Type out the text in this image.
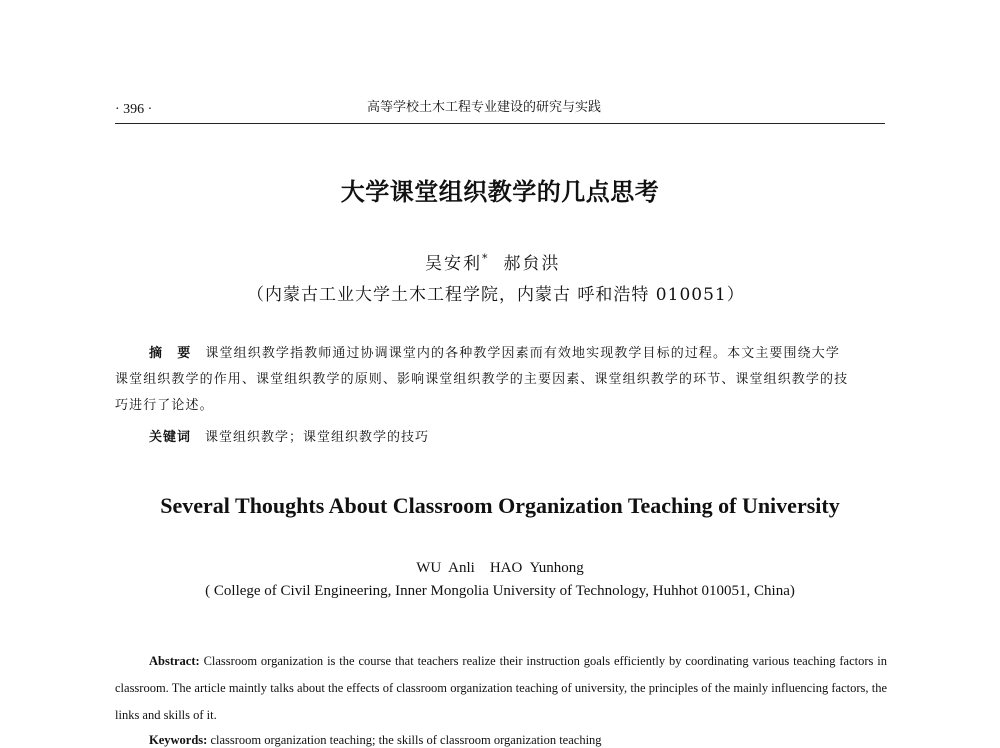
· 396 ·	高等学校土木工程专业建设的研究与实践
大学课堂组织教学的几点思考
吴安利* 郝贠洪
（内蒙古工业大学土木工程学院，内蒙古 呼和浩特 010051）
摘　要　 课堂组织教学指教师通过协调课堂内的各种教学因素而有效地实现教学目标的过程。本文主要围绕大学
课堂组织教学的作用、课堂组织教学的原则、影响课堂组织教学的主要因素、课堂组织教学的环节、课堂组织教学的技
巧进行了论述。
关键词　 课堂组织教学；课堂组织教学的技巧
Several Thoughts About Classroom Organization Teaching of University
WU Anli　HAO Yunhong
( College of Civil Engineering, Inner Mongolia University of Technology, Huhhot 010051, China)
Abstract: Classroom organization is the course that teachers realize their instruction goals efficiently by coordinating various teaching factors in classroom. The article maintly talks about the effects of classroom organization teaching of university, the principles of the mainly influencing factors, the links and skills of it.
Keywords: classroom organization teaching; the skills of classroom organization teaching
